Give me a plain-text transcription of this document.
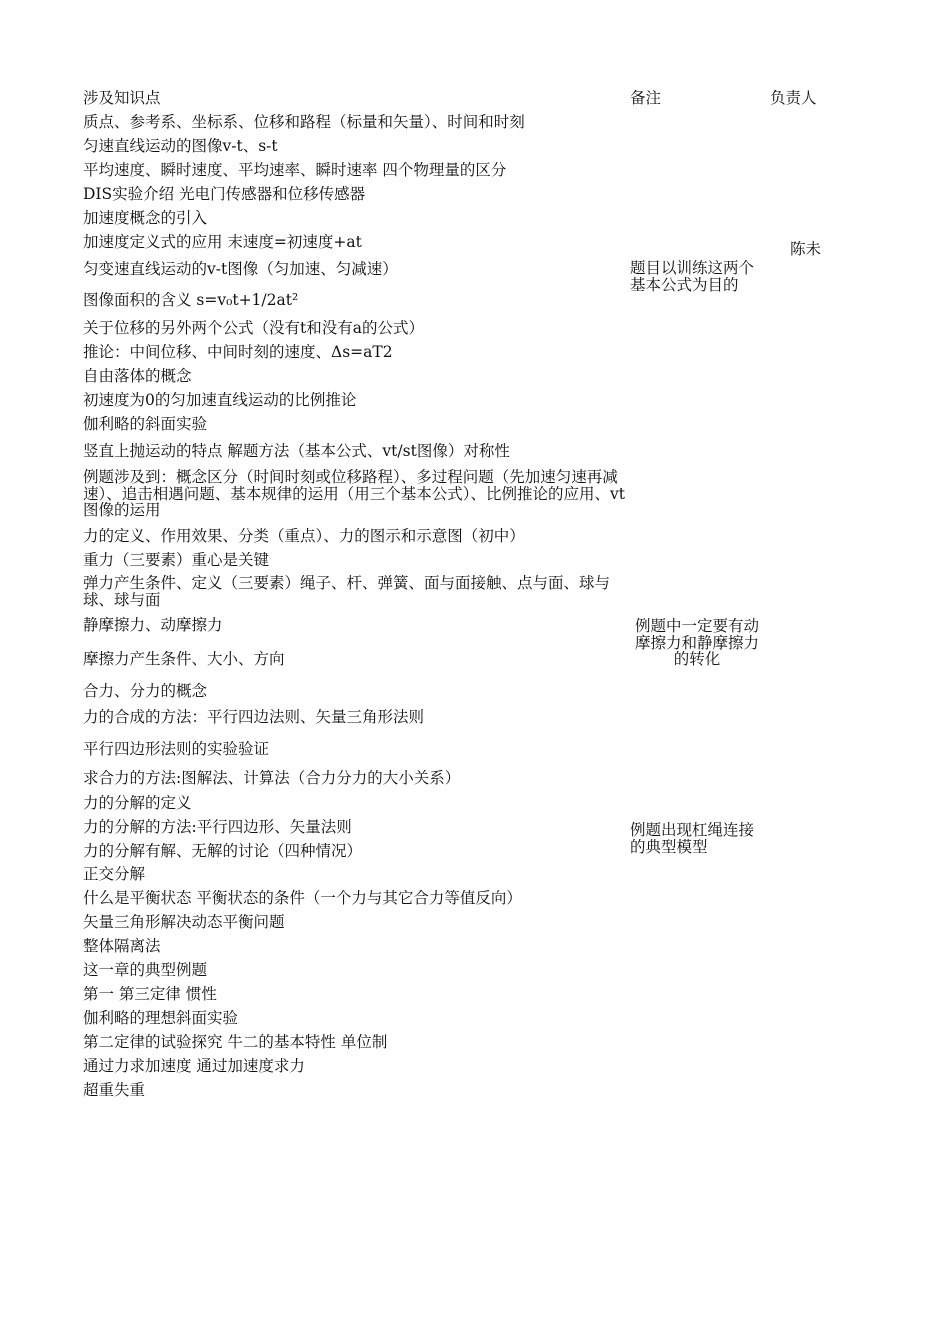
涉及知识点	备注	负责人
陈未
质点、参考系、坐标系、位移和路程（标量和矢量）、时间和时刻
匀速直线运动的图像v-t、s-t
平均速度、瞬时速度、平均速率、瞬时速率 四个物理量的区分
DIS实验介绍 光电门传感器和位移传感器
加速度概念的引入
加速度定义式的应用 末速度=初速度+at
匀变速直线运动的v-t图像（匀加速、匀减速）
图像面积的含义 s=v₀t+1/2at²
关于位移的另外两个公式（没有t和没有a的公式）
推论：中间位移、中间时刻的速度、Δs=aT2
自由落体的概念
初速度为0的匀加速直线运动的比例推论
伽利略的斜面实验
竖直上抛运动的特点 解题方法（基本公式、vt/st图像）对称性
例题涉及到：概念区分（时间时刻或位移路程）、多过程问题（先加速匀速再减速）、追击相遇问题、基本规律的运用（用三个基本公式）、比例推论的应用、vt图像的运用
力的定义、作用效果、分类（重点）、力的图示和示意图（初中）
重力（三要素）重心是关键
弹力产生条件、定义（三要素）绳子、杆、弹簧、面与面接触、点与面、球与球、球与面
静摩擦力、动摩擦力
摩擦力产生条件、大小、方向
合力、分力的概念
力的合成的方法：平行四边法则、矢量三角形法则
平行四边形法则的实验验证
求合力的方法:图解法、计算法（合力分力的大小关系）
力的分解的定义
力的分解的方法:平行四边形、矢量法则
力的分解有解、无解的讨论（四种情况）
正交分解
什么是平衡状态 平衡状态的条件（一个力与其它合力等值反向）
矢量三角形解决动态平衡问题
整体隔离法
这一章的典型例题
第一 第三定律 惯性
伽利略的理想斜面实验
第二定律的试验探究 牛二的基本特性 单位制
通过力求加速度 通过加速度求力
超重失重
题目以训练这两个基本公式为目的
例题中一定要有动摩擦力和静摩擦力的转化
例题出现杠绳连接的典型模型
